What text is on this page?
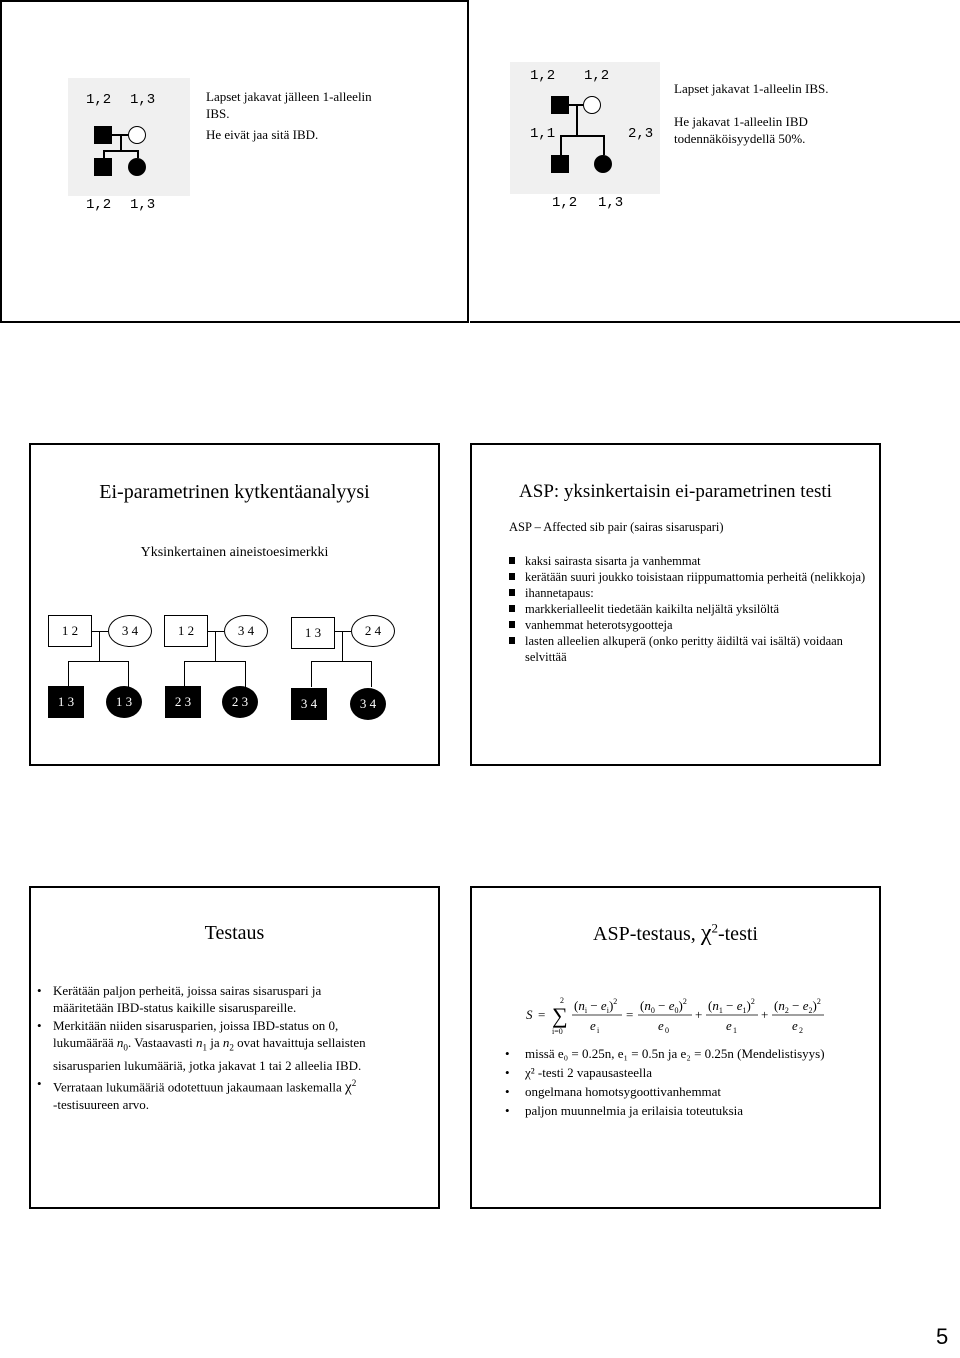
1,2 1,3
1,2 1,3
Lapset jakavat jälleen 1-alleelin IBS.
He eivät jaa sitä IBD.
1,2 1,2
1,1	2,3
1,2 1,3
Lapset jakavat 1-alleelin IBS.
He jakavat 1-alleelin IBD todennäköisyydellä 50%.
Ei-parametrinen kytkentäanalyysi
Yksinkertainen aineistoesimerkki
1 2	3 4	1 2	3 4	1 3	2 4
1 3	1 3	2 3	2 3	3 4	3 4
ASP: yksinkertaisin ei-parametrinen testi
ASP – Affected sib pair (sairas sisaruspari)
kaksi sairasta sisarta ja vanhemmat
kerätään suuri joukko toisistaan riippumattomia perheitä (nelikkoja)
ihannetapaus:
markkerialleelit tiedetään kaikilta neljältä yksilöltä
vanhemmat heterotsygootteja
lasten alleelien alkuperä (onko peritty äidiltä vai isältä) voidaan selvittää
Testaus
• Kerätään paljon perheitä, joissa sairas sisaruspari ja määritetään IBD-status kaikille sisaruspareille.
• Merkitään niiden sisarusparien, joissa IBD-status on 0, lukumäärää $n_0$. Vastaavasti $n_1$ ja $n_2$ ovat havaittuja sellaisten sisarusparien lukumääriä, jotka jakavat 1 tai 2 alleelia IBD.
• Verrataan lukumääriä odotettuun jakaumaan laskemalla $\chi^2$
-testisuureen arvo.
ASP-testaus, $\chi^2$-testi
S = ∑
2
i=0
$(n_i - e_i)^2$
e i
=
$(n_0 - e_0)^2$
e 0
+
$(n_1 - e_1)^2$
e 1
+
$(n_2 - e_2)^2$
e 2
• missä e₀ = 0.25n, e₁ = 0.5n ja e₂ = 0.25n (Mendelistisyys)
• χ² -testi 2 vapausasteella
• ongelmana homotsygoottivanhemmat
• paljon muunnelmia ja erilaisia toteutuksia
5
